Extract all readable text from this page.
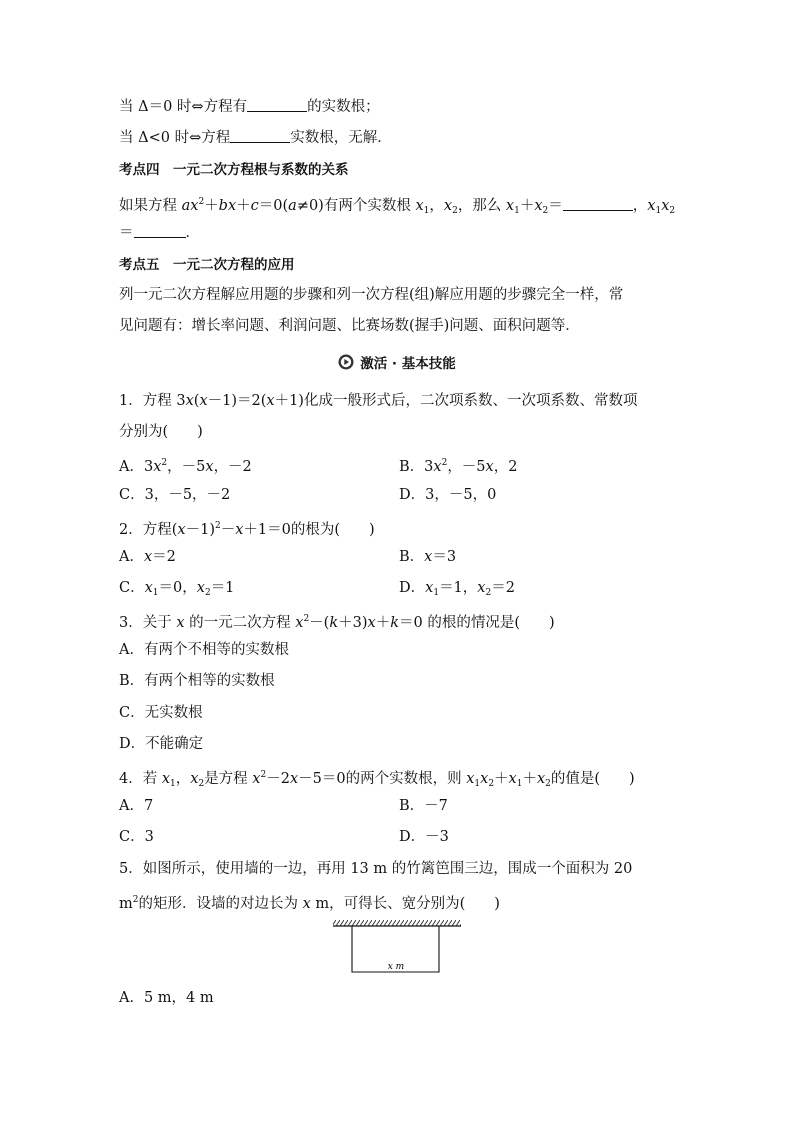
当 Δ＝0 时⇔方程有	的实数根；
当 Δ<0 时⇔方程	实数根，无解．
考点四　一元二次方程根与系数的关系
如果方程 $ax^2+bx+c=0(a\ne 0)$有两个实数根 $x_1$，$x_2$，那么 $x_1+x_2=$	，$x_1x_2$
＝	．
考点五　一元二次方程的应用
列一元二次方程解应用题的步骤和列一次方程(组)解应用题的步骤完全一样，常
见问题有：增长率问题、利润问题、比赛场数(握手)问题、面积问题等．
激活 · 基本技能
1．方程 3x(x－1)＝2(x＋1)化成一般形式后，二次项系数、一次项系数、常数项
分别为(　　)
A．$3x^2$，－5x，－2	B．$3x^2$，－5x，2
C．3，－5，－2	D．3，－5，0
2．方程$(x-1)^2-x+1=0$的根为(　　)
A．x＝2	B．x＝3
C．$x_1=0$，$x_2=1$	D．$x_1=1$，$x_2=2$
3．关于 x 的一元二次方程 $x^2-(k+3)x+k=0$ 的根的情况是(　　)
A．有两个不相等的实数根
B．有两个相等的实数根
C．无实数根
D．不能确定
4．若 $x_1$，$x_2$是方程 $x^2-2x-5=0$的两个实数根，则 $x_1x_2+x_1+x_2$的值是(　　)
A．7	B．－7
C．3	D．－3
5．如图所示，使用墙的一边，再用 13 m 的竹篱笆围三边，围成一个面积为 20
$m^2$的矩形．设墙的对边长为 x m，可得长、宽分别为(　　)
x m
A．5 m，4 m
